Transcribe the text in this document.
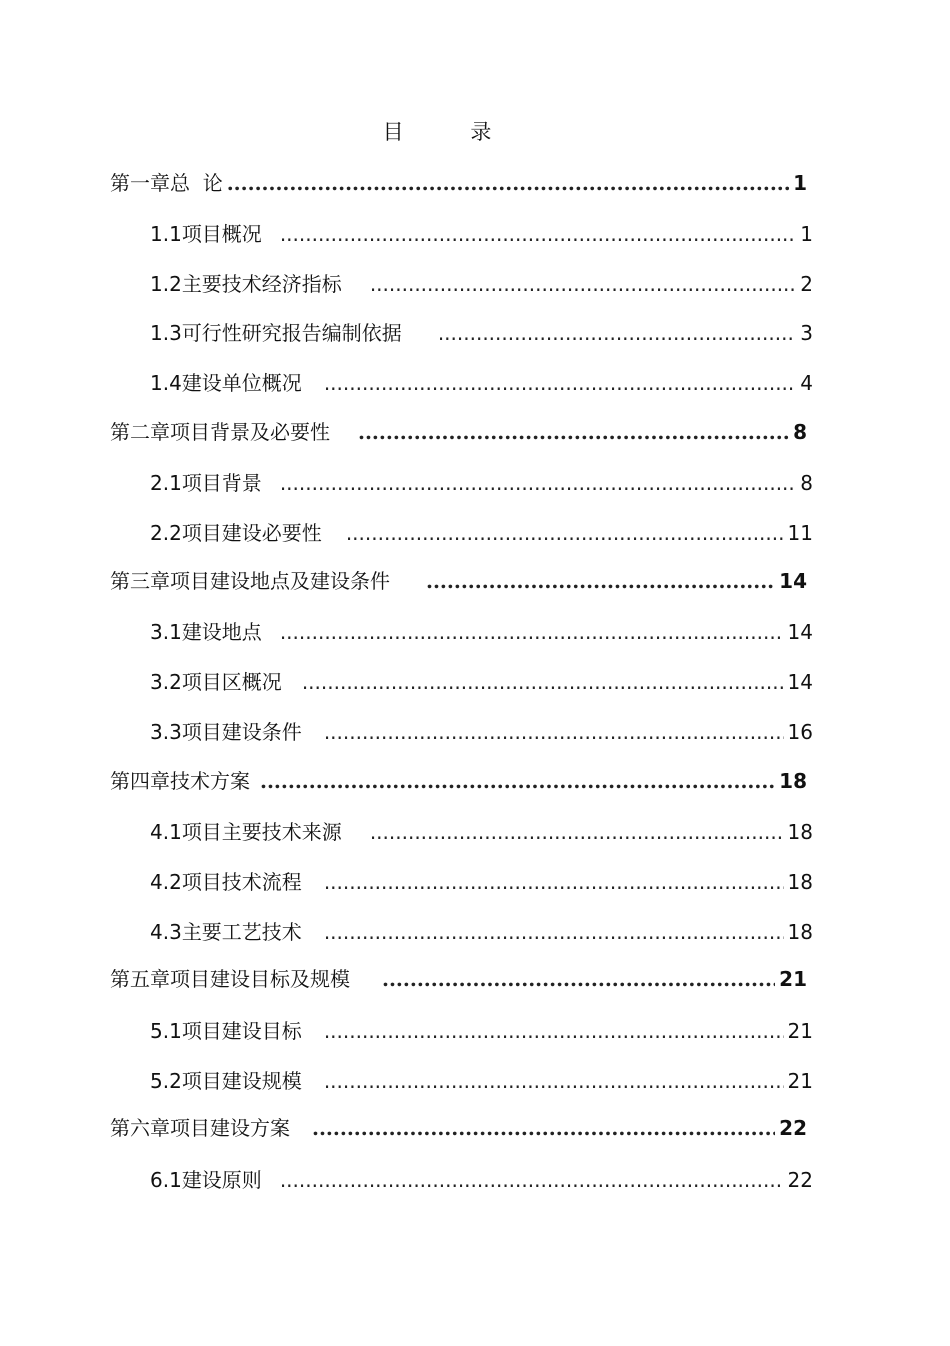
目 录
第一章 总  论 .....	1
1.1 项目概况 .....	1
1.2 主要技术经济指标 .....	2
1.3 可行性研究报告编制依据 .....	3
1.4 建设单位概况 .....	4
第二章 项目背景及必要性 .....	8
2.1 项目背景 .....	8
2.2 项目建设必要性 .....	11
第三章 项目建设地点及建设条件 .....	14
3.1 建设地点 .....	14
3.2 项目区概况 .....	14
3.3 项目建设条件 .....	16
第四章 技术方案 .....	18
4.1 项目主要技术来源 .....	18
4.2 项目技术流程 .....	18
4.3 主要工艺技术 .....	18
第五章 项目建设目标及规模 .....	21
5.1 项目建设目标 .....	21
5.2 项目建设规模 .....	21
第六章 项目建设方案 .....	22
6.1 建设原则 .....	22
